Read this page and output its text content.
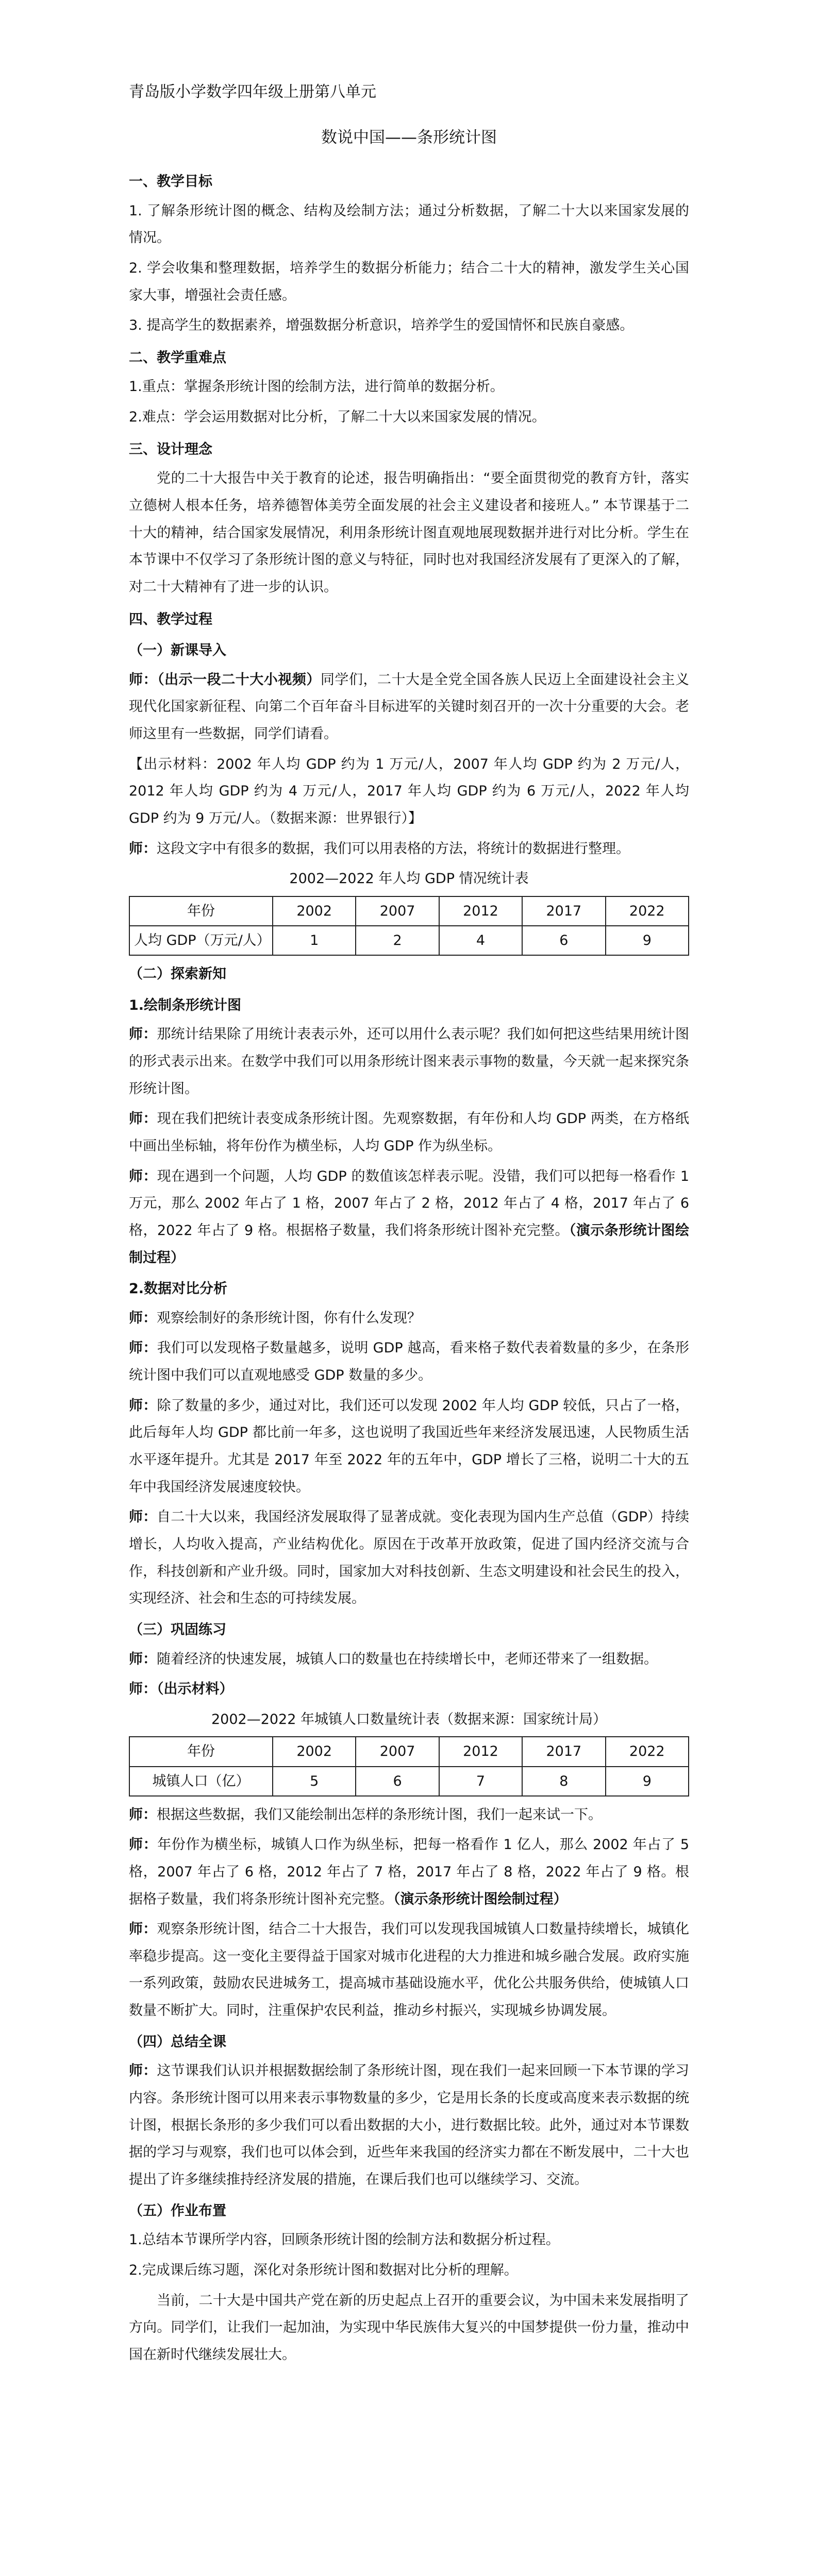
青岛版小学数学四年级上册第八单元
数说中国——条形统计图
一、教学目标

1. 了解条形统计图的概念、结构及绘制方法；通过分析数据，了解二十大以来国家发展的情况。

2. 学会收集和整理数据，培养学生的数据分析能力；结合二十大的精神，激发学生关心国家大事，增强社会责任感。

3. 提高学生的数据素养，增强数据分析意识，培养学生的爱国情怀和民族自豪感。

二、教学重难点

1.重点：掌握条形统计图的绘制方法，进行简单的数据分析。

2.难点：学会运用数据对比分析，了解二十大以来国家发展的情况。

三、设计理念

党的二十大报告中关于教育的论述，报告明确指出：“要全面贯彻党的教育方针，落实立德树人根本任务，培养德智体美劳全面发展的社会主义建设者和接班人。” 本节课基于二十大的精神，结合国家发展情况，利用条形统计图直观地展现数据并进行对比分析。学生在本节课中不仅学习了条形统计图的意义与特征，同时也对我国经济发展有了更深入的了解，对二十大精神有了进一步的认识。

四、教学过程
（一）新课导入

师：（出示一段二十大小视频）同学们，二十大是全党全国各族人民迈上全面建设社会主义现代化国家新征程、向第二个百年奋斗目标进军的关键时刻召开的一次十分重要的大会。老师这里有一些数据，同学们请看。

【出示材料：2002 年人均 GDP 约为 1 万元/人，2007 年人均 GDP 约为 2 万元/人，2012 年人均 GDP 约为 4 万元/人，2017 年人均 GDP 约为 6 万元/人，2022 年人均 GDP 约为 9 万元/人。（数据来源：世界银行）】

师：这段文字中有很多的数据，我们可以用表格的方法，将统计的数据进行整理。

2002—2022 年人均 GDP 情况统计表
年份	2002	2007	2012	2017	2022
人均 GDP（万元/人）	1	2	4	6	9
（二）探索新知
1.绘制条形统计图

师：那统计结果除了用统计表表示外，还可以用什么表示呢？我们如何把这些结果用统计图的形式表示出来。在数学中我们可以用条形统计图来表示事物的数量，今天就一起来探究条形统计图。

师：现在我们把统计表变成条形统计图。先观察数据，有年份和人均 GDP 两类，在方格纸中画出坐标轴，将年份作为横坐标，人均 GDP 作为纵坐标。

师：现在遇到一个问题，人均 GDP 的数值该怎样表示呢。没错，我们可以把每一格看作 1 万元，那么 2002 年占了 1 格，2007 年占了 2 格，2012 年占了 4 格，2017 年占了 6 格，2022 年占了 9 格。根据格子数量，我们将条形统计图补充完整。（演示条形统计图绘制过程）

2.数据对比分析

师：观察绘制好的条形统计图，你有什么发现？

师：我们可以发现格子数量越多，说明 GDP 越高，看来格子数代表着数量的多少，在条形统计图中我们可以直观地感受 GDP 数量的多少。

师：除了数量的多少，通过对比，我们还可以发现 2002 年人均 GDP 较低，只占了一格，此后每年人均 GDP 都比前一年多，这也说明了我国近些年来经济发展迅速，人民物质生活水平逐年提升。尤其是 2017 年至 2022 年的五年中，GDP 增长了三格，说明二十大的五年中我国经济发展速度较快。

师：自二十大以来，我国经济发展取得了显著成就。变化表现为国内生产总值（GDP）持续增长，人均收入提高，产业结构优化。原因在于改革开放政策，促进了国内经济交流与合作，科技创新和产业升级。同时，国家加大对科技创新、生态文明建设和社会民生的投入，实现经济、社会和生态的可持续发展。

（三）巩固练习

师：随着经济的快速发展，城镇人口的数量也在持续增长中，老师还带来了一组数据。

师：（出示材料）

2002—2022 年城镇人口数量统计表（数据来源：国家统计局）
年份	2002	2007	2012	2017	2022
城镇人口（亿）	5	6	7	8	9

师：根据这些数据，我们又能绘制出怎样的条形统计图，我们一起来试一下。

师：年份作为横坐标，城镇人口作为纵坐标，把每一格看作 1 亿人，那么 2002 年占了 5 格，2007 年占了 6 格，2012 年占了 7 格，2017 年占了 8 格，2022 年占了 9 格。根据格子数量，我们将条形统计图补充完整。（演示条形统计图绘制过程）

师：观察条形统计图，结合二十大报告，我们可以发现我国城镇人口数量持续增长，城镇化率稳步提高。这一变化主要得益于国家对城市化进程的大力推进和城乡融合发展。政府实施一系列政策，鼓励农民进城务工，提高城市基础设施水平，优化公共服务供给，使城镇人口数量不断扩大。同时，注重保护农民利益，推动乡村振兴，实现城乡协调发展。

（四）总结全课

师：这节课我们认识并根据数据绘制了条形统计图，现在我们一起来回顾一下本节课的学习内容。条形统计图可以用来表示事物数量的多少，它是用长条的长度或高度来表示数据的统计图，根据长条形的多少我们可以看出数据的大小，进行数据比较。此外，通过对本节课数据的学习与观察，我们也可以体会到，近些年来我国的经济实力都在不断发展中，二十大也提出了许多继续推持经济发展的措施，在课后我们也可以继续学习、交流。

（五）作业布置

1.总结本节课所学内容，回顾条形统计图的绘制方法和数据分析过程。

2.完成课后练习题，深化对条形统计图和数据对比分析的理解。

当前，二十大是中国共产党在新的历史起点上召开的重要会议，为中国未来发展指明了方向。同学们，让我们一起加油，为实现中华民族伟大复兴的中国梦提供一份力量，推动中国在新时代继续发展壮大。
